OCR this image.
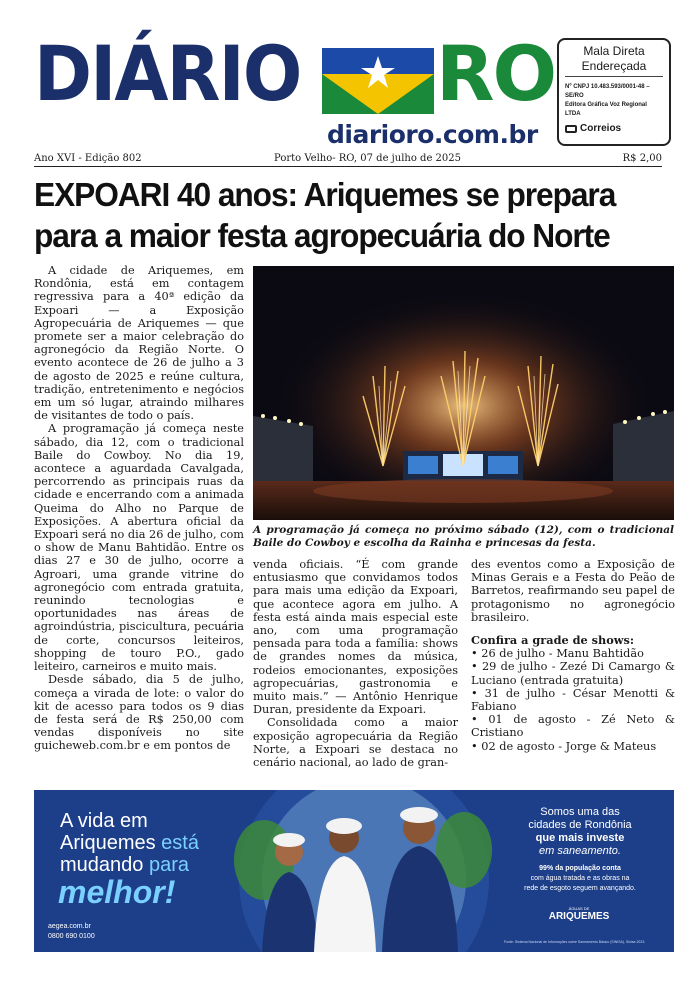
DIÁRIO RO
diarioro.com.br
Mala Direta
Endereçada
Nº CNPJ 10.483.593/0001-48 – SE/RO
Editora Gráfica Voz Regional LTDA
Correios
Ano XVI - Edição 802	Porto Velho- RO, 07 de julho de 2025	R$ 2,00
EXPOARI 40 anos: Ariquemes se prepara para a maior festa agropecuária do Norte

A cidade de Ariquemes, em Rondônia, está em contagem regressiva para a 40ª edição da Expoari — a Exposição Agropecuária de Ariquemes — que promete ser a maior celebração do agronegócio da Região Norte. O evento acontece de 26 de julho a 3 de agosto de 2025 e reúne cultura, tradição, entretenimento e negócios em um só lugar, atraindo milhares de visitantes de todo o país.

A programação já começa neste sábado, dia 12, com o tradicional Baile do Cowboy. No dia 19, acontece a aguardada Cavalgada, percorrendo as principais ruas da cidade e encerrando com a animada Queima do Alho no Parque de Exposições. A abertura oficial da Expoari será no dia 26 de julho, com o show de Manu Bahtidão. Entre os dias 27 e 30 de julho, ocorre a Agroari, uma grande vitrine do agronegócio com entrada gratuita, reunindo tecnologias e oportunidades nas áreas de agroindústria, piscicultura, pecuária de corte, concursos leiteiros, shopping de touro P.O., gado leiteiro, carneiros e muito mais.

Desde sábado, dia 5 de julho, começa a virada de lote: o valor do kit de acesso para todos os 9 dias de festa será de R$ 250,00 com vendas disponíveis no site guicheweb.com.br e em pontos de

A programação já começa no próximo sábado (12), com o tradicional Baile do Cowboy e escolha da Rainha e princesas da festa.

venda oficiais. “É com grande entusiasmo que convidamos todos para mais uma edição da Expoari, que acontece agora em julho. A festa está ainda mais especial este ano, com uma programação pensada para toda a família: shows de grandes nomes da música, rodeios emocionantes, exposições agropecuárias, gastronomia e muito mais.” — Antônio Henrique Duran, presidente da Expoari.

Consolidada como a maior exposição agropecuária da Região Norte, a Expoari se destaca no cenário nacional, ao lado de gran-

des eventos como a Exposição de Minas Gerais e a Festa do Peão de Barretos, reafirmando seu papel de protagonismo no agronegócio brasileiro.

Confira a grade de shows:

• 26 de julho - Manu Bahtidão
• 29 de julho - Zezé Di Camargo & Luciano (entrada gratuita)
• 31 de julho - César Menotti & Fabiano
• 01 de agosto - Zé Neto & Cristiano
• 02 de agosto - Jorge & Mateus
A vida em
Ariquemes está
mudando para
melhor!
aegea.com.br
0800 690 0100
Somos uma das
cidades de Rondônia
que mais investe
em saneamento.
99% da população conta
com água tratada e as obras na
rede de esgoto seguem avançando.
ÁGUAS DE
ARIQUEMES
Fonte: Sistema Nacional de Informações sobre Saneamento Básico (SINISA), Sinisa 2023.
